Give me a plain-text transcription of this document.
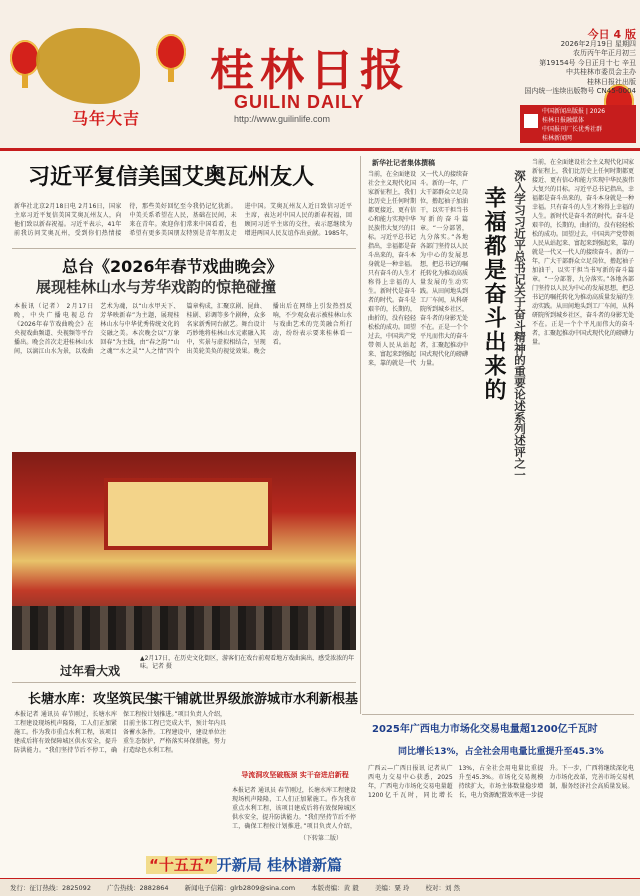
马年大吉
桂林日报
GUILIN DAILY
http://www.guilinlife.com
今日 4 版
2026年2月19日 星期四
农历丙午年正月初三
第19154号 今日正月十七 辛丑
中共桂林市委员会主办
桂林日报社出版
国内统一连续出版物号 CN45-0004
中国新闻出版报 | 2026
桂林日报融媒体
中国报刊厂长优秀社群
桂林新闻网
习近平复信美国艾奥瓦州友人
新华社北京2月18日电 2月16日，国家主席习近平复信美国艾奥瓦州友人，向他们致以新春祝福。习近平表示，41年前我访问艾奥瓦州，受到你们热情接待，那些美好回忆至今我仍记忆犹新。中美关系希望在人民，基础在民间，未来在青年。欢迎你们常来中国看看，也希望有更多美国朋友特别是青年朋友走进中国。艾奥瓦州友人近日致信习近平主席，表达对中国人民的新春祝福，回顾同习近平主席的交往，表示愿继续为增进两国人民友谊作出贡献。1985年，
总台《2026年春节戏曲晚会》
展现桂林山水与芳华戏韵的惊艳碰撞
本报讯（记者） 2月17日晚，中央广播电视总台《2026年春节戏曲晚会》在央视戏曲频道、央视频等平台播出。晚会首次走进桂林山水间，以漓江山水为景，以戏曲艺术为魂，以“山水甲天下、芳华映新春”为主题，展现桂林山水与中华优秀传统文化的交融之美。本次晚会以“万象回春”为主线，由“春之韵”“山之魂”“水之灵”“人之情”四个篇章构成，汇聚京剧、昆曲、桂剧、彩调等多个剧种，众多名家新秀同台献艺。舞台设计巧妙地将桂林山水元素融入其中，实景与虚拟相结合，呈现出美轮美奂的视觉效果。晚会播出后在网络上引发热烈反响，不少观众表示被桂林山水与戏曲艺术的完美融合所打动，纷纷表示要来桂林看一看。
过年看大戏
▲2月17日，在历史文化街区，游客们在戏台前观看地方戏曲演出，感受浓浓的年味。记者 摄
长塘水库：攻坚筑民生
实干铺就世界级旅游城市水利新根基
本报记者 通讯员 春节刚过，长塘水库工程建设现场机声隆隆，工人们正加紧施工。作为我市重点水利工程，该项目建成后将有效保障城区供水安全，提升防洪能力。“我们坚持节后不停工，确保工程按计划推进。”项目负责人介绍，目前主体工程已完成大半，预计年内具备蓄水条件。工程建设中，建设单位注重生态保护，严格落实环保措施，努力打造绿色水利工程。
导流洞攻坚破瓶颈 实干奋进启新程
本报记者 通讯员 春节刚过，长塘水库工程建设现场机声隆隆，工人们正加紧施工。作为我市重点水利工程，该项目建成后将有效保障城区供水安全，提升防洪能力。“我们坚持节后不停工，确保工程按计划推进。”项目负责人介绍，
（下转第二版）
“十五五” 开新局 桂林谱新篇
新华社记者集体撰稿
当前，在全面建设社会主义现代化国家新征程上，我们比历史上任何时期都更接近、更有信心和能力实现中华民族伟大复兴的目标。习近平总书记指出，幸福都是奋斗出来的，奋斗本身就是一种幸福。只有奋斗的人生才称得上幸福的人生。新时代是奋斗者的时代。奋斗是艰辛的，长期的，曲折的，没有轻轻松松的成功。回望过去，中国共产党带领人民从站起来、富起来到强起来，靠的就是一代又一代人的接续奋斗。新的一年，广大干部群众立足岗位，撸起袖子加油干，以实干担当书写新的奋斗篇章。“一分部署，九分落实。”各地各部门坚持以人民为中心的发展思想，把总书记的嘱托转化为推动高质量发展的生动实践。从田间地头到工厂车间，从科研院所到城乡社区，奋斗者的身影无处不在。正是一个个平凡而伟大的奋斗者，汇聚起推动中国式现代化的磅礴力量。	幸福都是奋斗出来的 深入学习习近平总书记关于奋斗精神的重要论述系列述评之一
当前，在全面建设社会主义现代化国家新征程上，我们比历史上任何时期都更接近、更有信心和能力实现中华民族伟大复兴的目标。习近平总书记指出，幸福都是奋斗出来的，奋斗本身就是一种幸福。只有奋斗的人生才称得上幸福的人生。新时代是奋斗者的时代。奋斗是艰辛的，长期的，曲折的，没有轻轻松松的成功。回望过去，中国共产党带领人民从站起来、富起来到强起来，靠的就是一代又一代人的接续奋斗。新的一年，广大干部群众立足岗位，撸起袖子加油干，以实干担当书写新的奋斗篇章。“一分部署，九分落实。”各地各部门坚持以人民为中心的发展思想，把总书记的嘱托转化为推动高质量发展的生动实践。从田间地头到工厂车间，从科研院所到城乡社区，奋斗者的身影无处不在。正是一个个平凡而伟大的奋斗者，汇聚起推动中国式现代化的磅礴力量。
2025年广西电力市场化交易电量超1200亿千瓦时
同比增长13%，占全社会用电量比重提升至45.3%
广西云—广西日报讯 记者从广西电力交易中心获悉，2025年，广西电力市场化交易电量超1200亿千瓦时，同比增长13%，占全社会用电量比重提升至45.3%。市场化交易规模持续扩大，市场主体数量稳步增长，电力资源配置效率进一步提升。下一步，广西将继续深化电力市场化改革，完善市场交易机制，服务经济社会高质量发展。
发行：征订热线：2825092 广告热线：2882864 新闻电子信箱：glrb2809@sina.com 本版责编：黄 毅 美编：粟 玲 校对：刘 然
